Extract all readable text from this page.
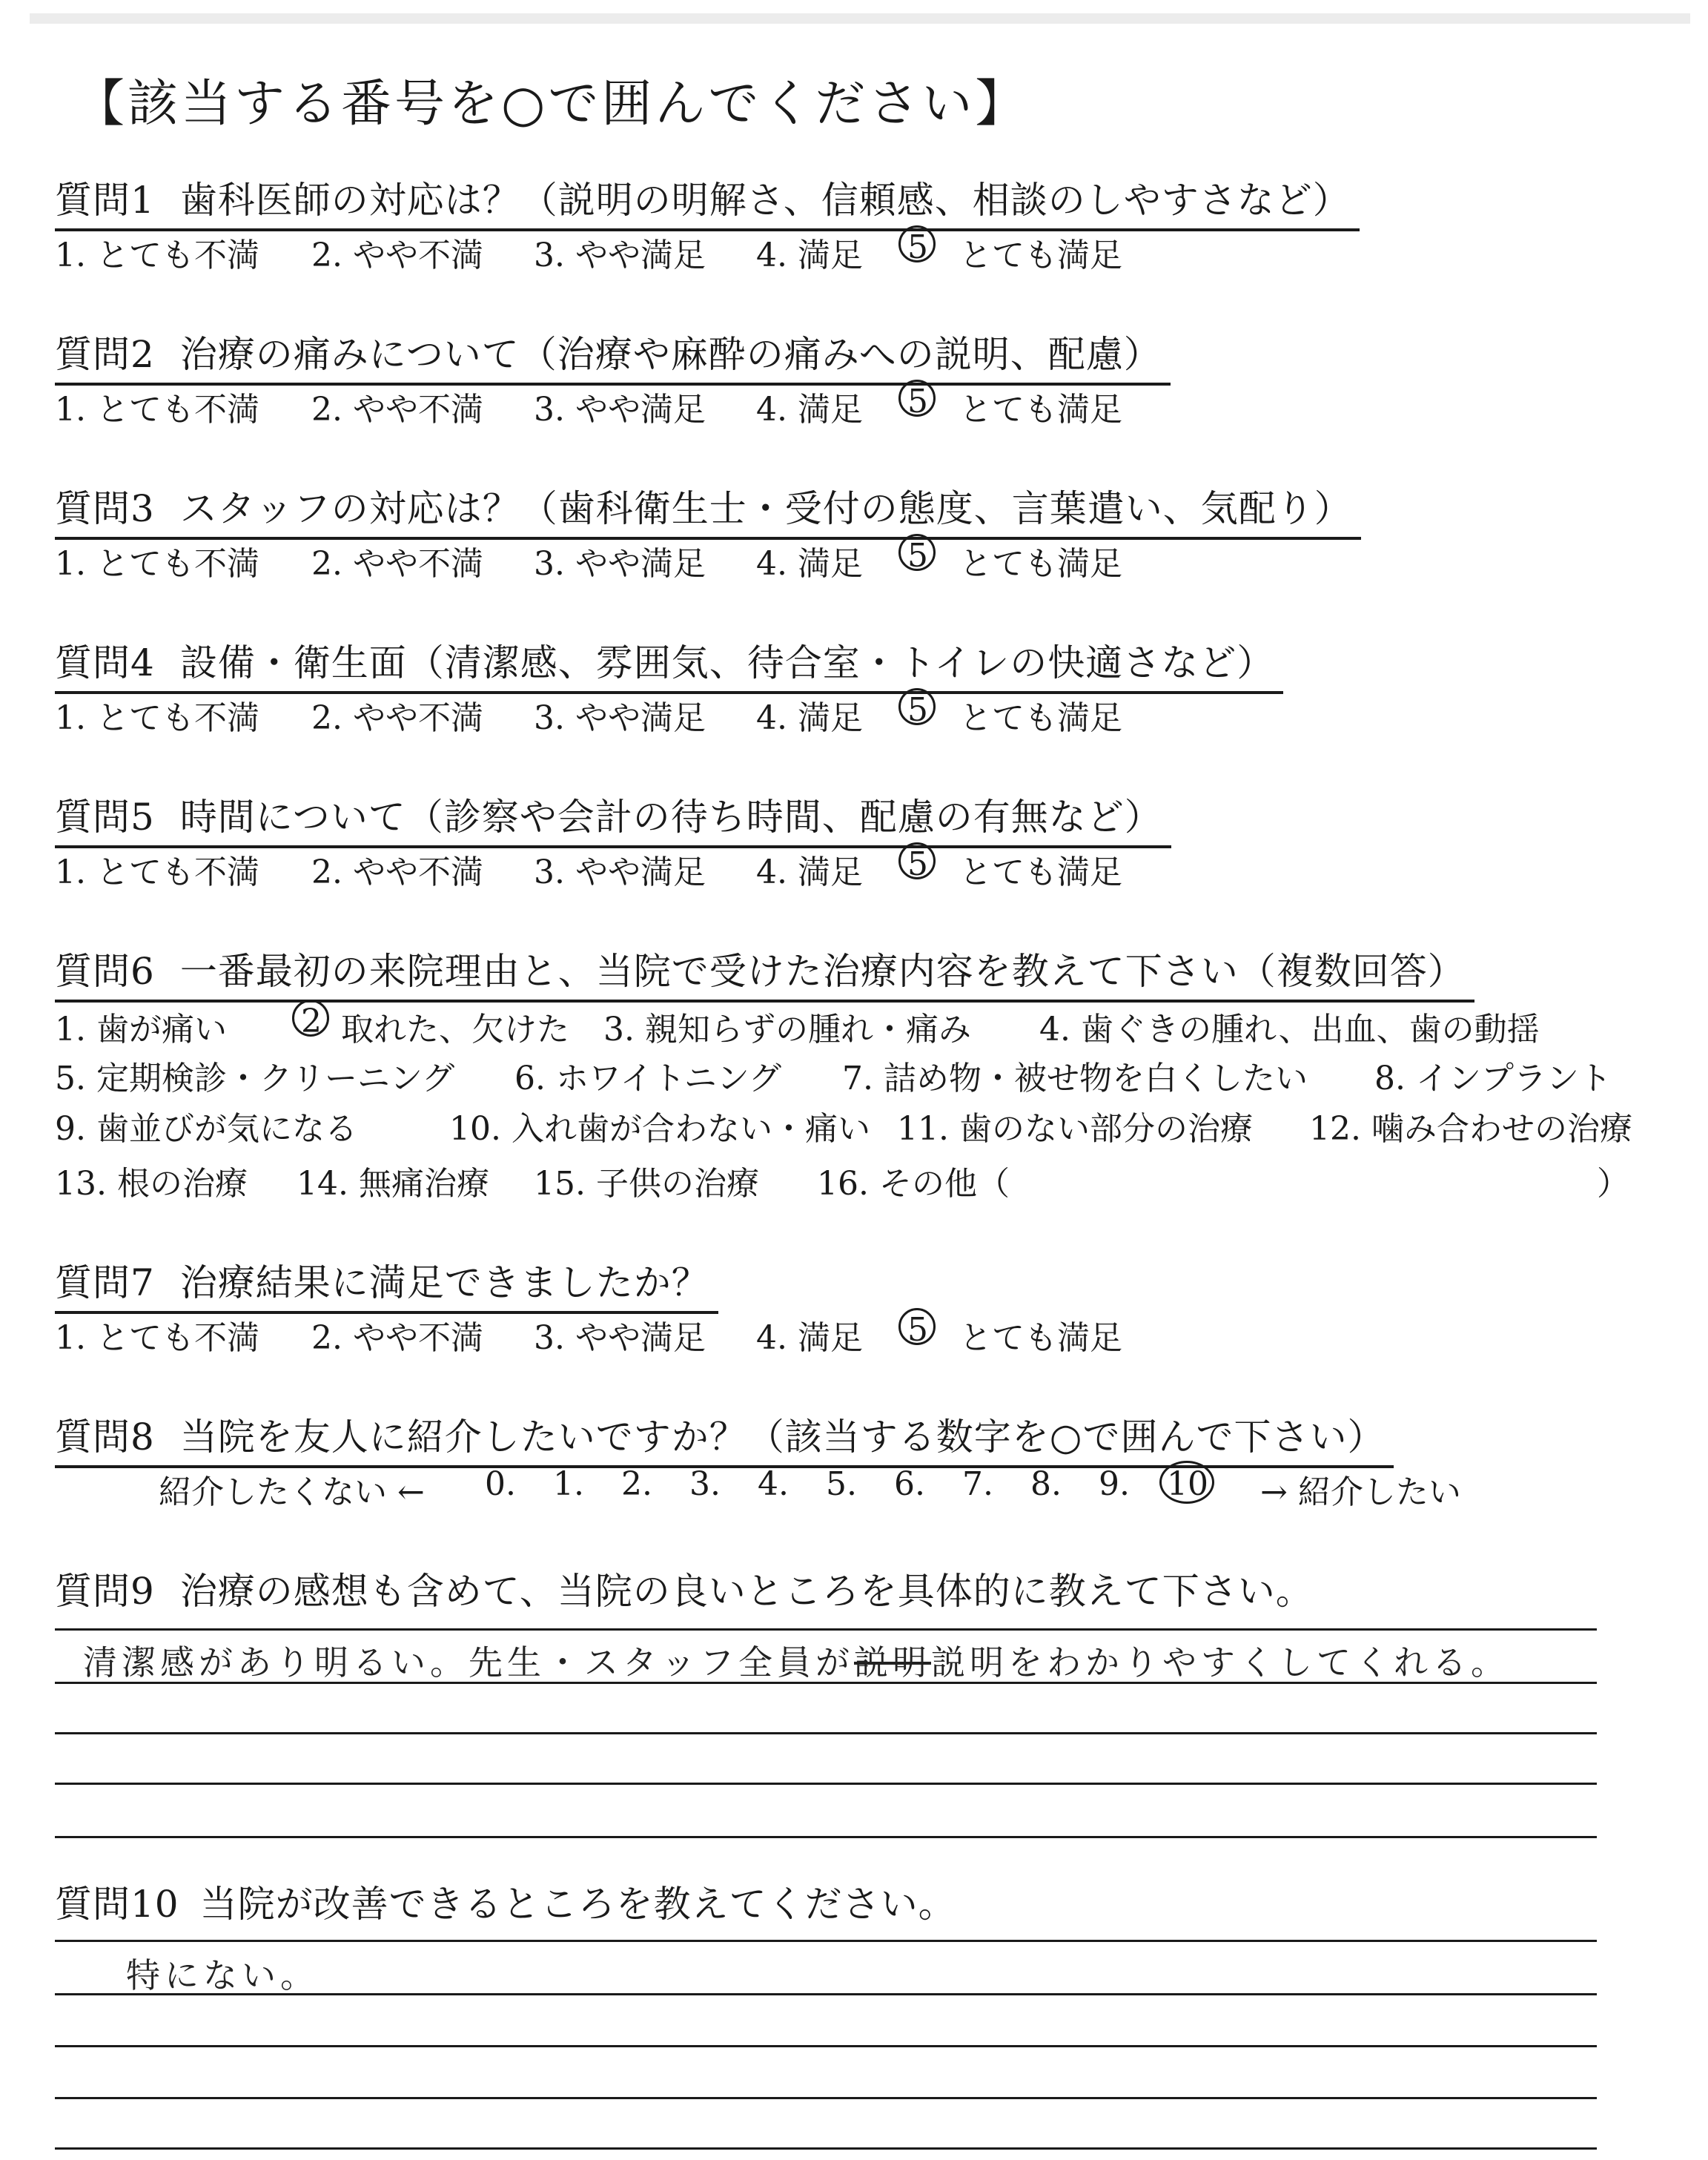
【該当する番号を○で囲んでください】
質問1 歯科医師の対応は？（説明の明解さ、信頼感、相談のしやすさなど）
1. とても不満 2. やや不満 3. やや満足 4. 満足 5 とても満足
質問2 治療の痛みについて（治療や麻酔の痛みへの説明、配慮）
1. とても不満 2. やや不満 3. やや満足 4. 満足 5 とても満足
質問3 スタッフの対応は？（歯科衛生士・受付の態度、言葉遣い、気配り）
1. とても不満 2. やや不満 3. やや満足 4. 満足 5 とても満足
質問4 設備・衛生面（清潔感、雰囲気、待合室・トイレの快適さなど）
1. とても不満 2. やや不満 3. やや満足 4. 満足 5 とても満足
質問5 時間について（診察や会計の待ち時間、配慮の有無など）
1. とても不満 2. やや不満 3. やや満足 4. 満足 5 とても満足
質問6 一番最初の来院理由と、当院で受けた治療内容を教えて下さい（複数回答）
1. 歯が痛い 2 取れた、欠けた 3. 親知らずの腫れ・痛み 4. 歯ぐきの腫れ、出血、歯の動揺
5. 定期検診・クリーニング 6. ホワイトニング 7. 詰め物・被せ物を白くしたい 8. インプラント
9. 歯並びが気になる	10. 入れ歯が合わない・痛い 11. 歯のない部分の治療 12. 噛み合わせの治療
13. 根の治療 14. 無痛治療 15. 子供の治療 16. その他（	）
質問7 治療結果に満足できましたか？
1. とても不満 2. やや不満 3. やや満足 4. 満足 5 とても満足
質問8 当院を友人に紹介したいですか？（該当する数字を○で囲んで下さい）
紹介したくない ←	→ 紹介したい
0. 1. 2. 3. 4. 5. 6. 7. 8. 9. 10
質問9 治療の感想も含めて、当院の良いところを具体的に教えて下さい。
清潔感があり明るい。先生・スタッフ全員が説明説明をわかりやすくしてくれる。
質問10 当院が改善できるところを教えてください。
特にない。
